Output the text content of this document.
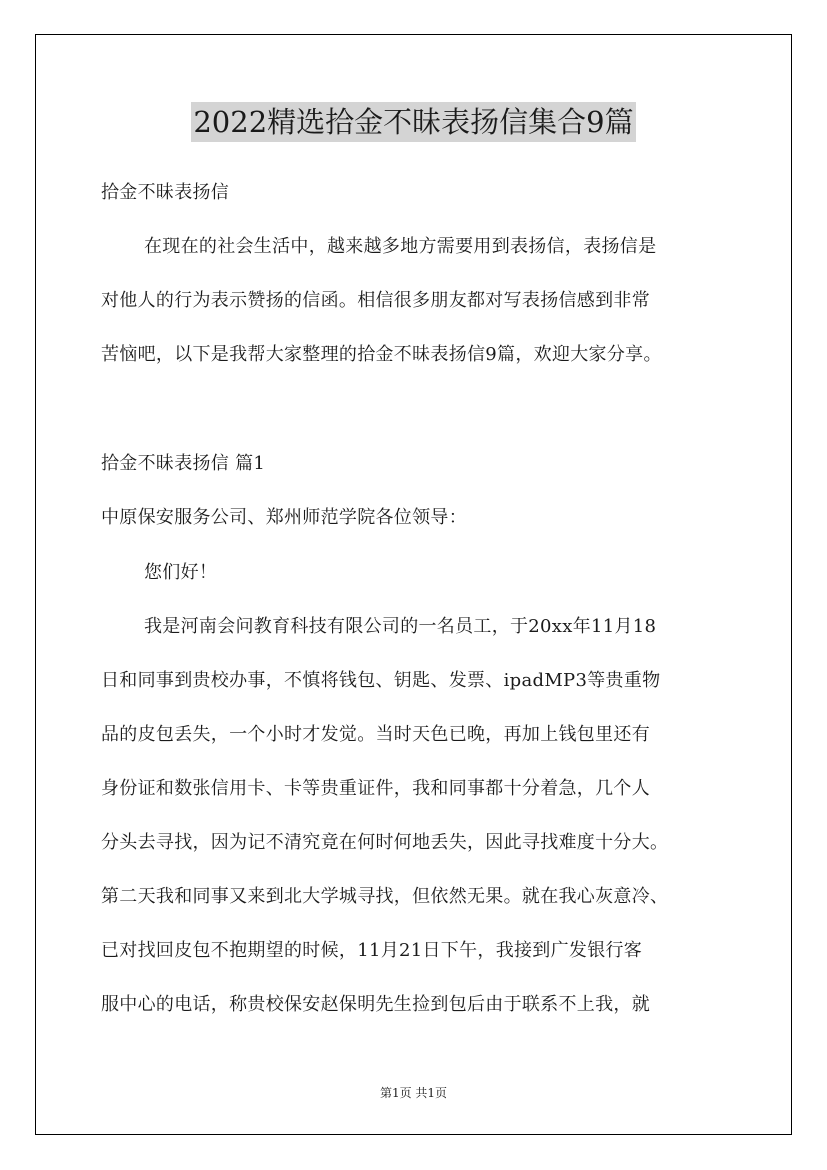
2022精选拾金不昧表扬信集合9篇
拾金不昧表扬信
在现在的社会生活中，越来越多地方需要用到表扬信，表扬信是
对他人的行为表示赞扬的信函。相信很多朋友都对写表扬信感到非常
苦恼吧，以下是我帮大家整理的拾金不昧表扬信9篇，欢迎大家分享。
拾金不昧表扬信 篇1
中原保安服务公司、郑州师范学院各位领导：
您们好！
我是河南会问教育科技有限公司的一名员工，于20xx年11月18
日和同事到贵校办事，不慎将钱包、钥匙、发票、ipadMP3等贵重物
品的皮包丢失，一个小时才发觉。当时天色已晚，再加上钱包里还有
身份证和数张信用卡、卡等贵重证件，我和同事都十分着急，几个人
分头去寻找，因为记不清究竟在何时何地丢失，因此寻找难度十分大。
第二天我和同事又来到北大学城寻找，但依然无果。就在我心灰意冷、
已对找回皮包不抱期望的时候，11月21日下午，我接到广发银行客
服中心的电话，称贵校保安赵保明先生捡到包后由于联系不上我，就
第1页 共1页
